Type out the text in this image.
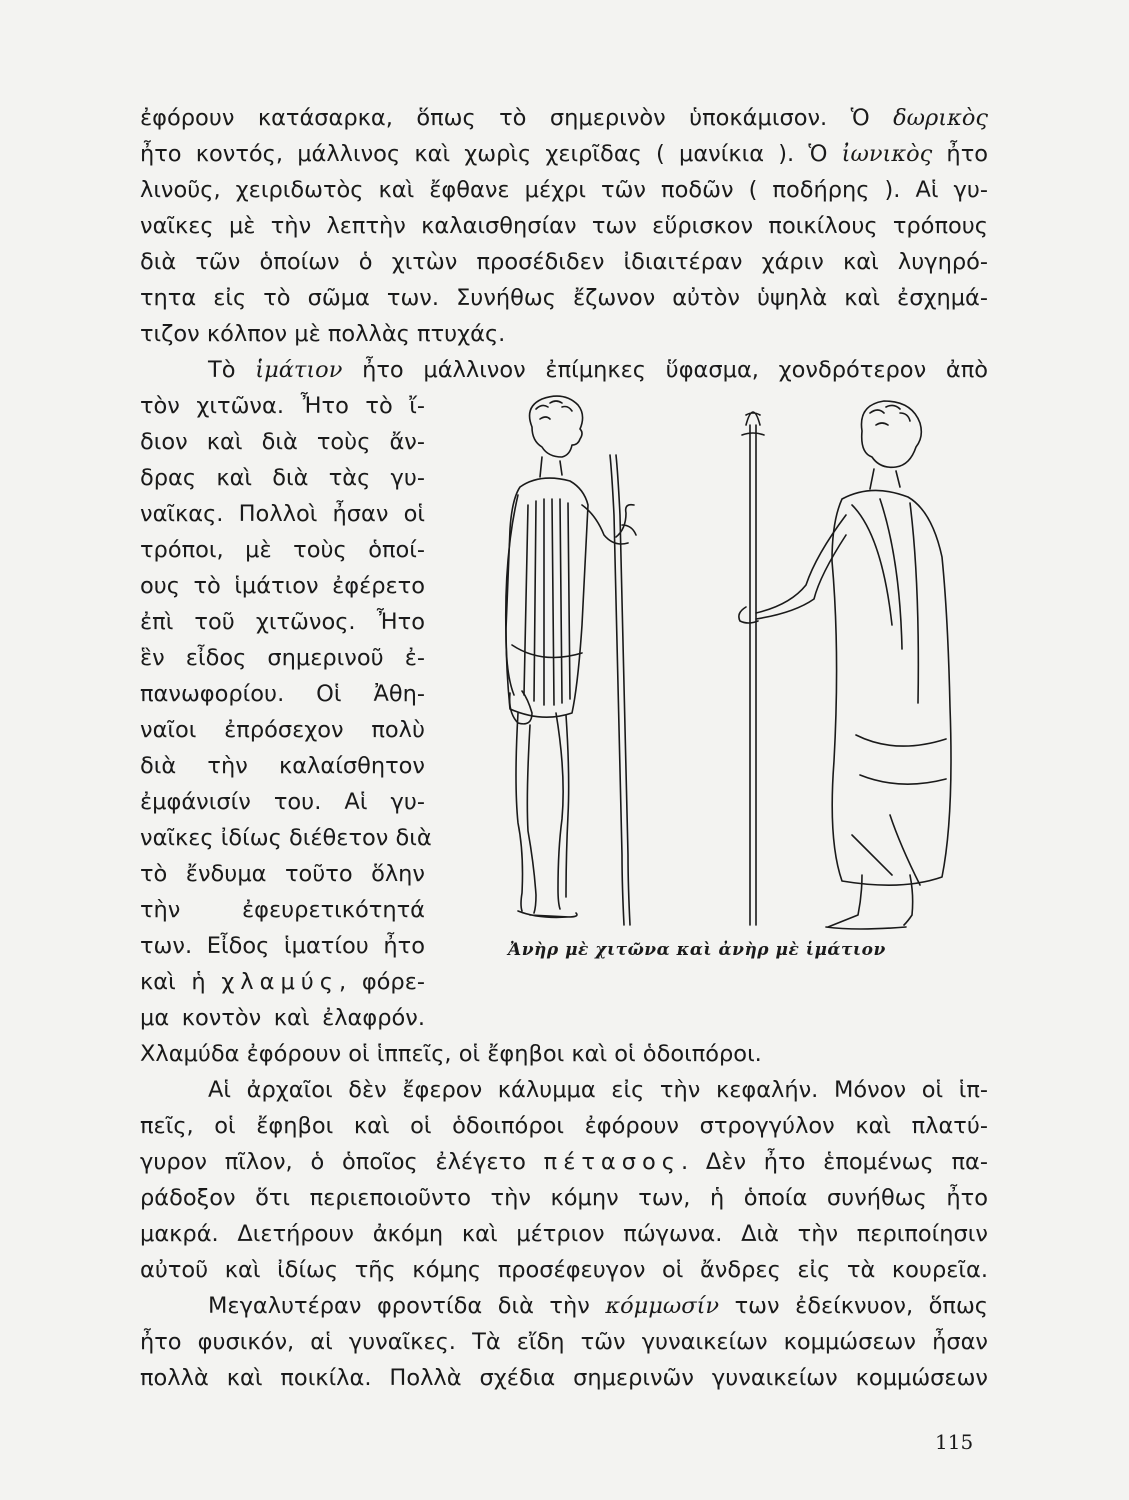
ἐφόρουν κατάσαρκα, ὅπως τὸ σημερινὸν ὑποκάμισον. Ὁ δωρικὸς
ἦτο κοντός, μάλλινος καὶ χωρὶς χειρῖδας ( μανίκια ). Ὁ ἰωνικὸς ἦτο
λινοῦς, χειριδωτὸς καὶ ἔφθανε μέχρι τῶν ποδῶν ( ποδήρης ). Αἱ γυ-
ναῖκες μὲ τὴν λεπτὴν καλαισθησίαν των εὕρισκον ποικίλους τρόπους
διὰ τῶν ὁποίων ὁ χιτὼν προσέδιδεν ἰδιαιτέραν χάριν καὶ λυγηρό-
τητα εἰς τὸ σῶμα των. Συνήθως ἔζωνον αὐτὸν ὑψηλὰ καὶ ἐσχημά-
τιζον κόλπον μὲ πολλὰς πτυχάς.
Τὸ ἱμάτιον ἦτο μάλλινον ἐπίμηκες ὕφασμα, χονδρότερον ἀπὸ
τὸν χιτῶνα. Ἦτο τὸ ἴ-
διον καὶ διὰ τοὺς ἄν-
δρας καὶ διὰ τὰς γυ-
ναῖκας. Πολλοὶ ἦσαν οἱ
τρόποι, μὲ τοὺς ὁποί-
ους τὸ ἱμάτιον ἐφέρετο
ἐπὶ τοῦ χιτῶνος. Ἦτο
ἓν εἶδος σημερινοῦ ἐ-
πανωφορίου. Οἱ Ἀθη-
ναῖοι ἐπρόσεχον πολὺ
διὰ τὴν καλαίσθητον
ἐμφάνισίν του. Αἱ γυ-
ναῖκες ἰδίως διέθετον διὰ
τὸ ἔνδυμα τοῦτο ὅλην
τὴν ἐφευρετικότητά
των. Εἶδος ἱματίου ἦτο
καὶ ἡ χλαμύς, φόρε-
μα κοντὸν καὶ ἐλαφρόν.
Χλαμύδα ἐφόρουν οἱ ἱππεῖς, οἱ ἔφηβοι καὶ οἱ ὁδοιπόροι.
Αἱ ἀρχαῖοι δὲν ἔφερον κάλυμμα εἰς τὴν κεφαλήν. Μόνον οἱ ἱπ-
πεῖς, οἱ ἔφηβοι καὶ οἱ ὁδοιπόροι ἐφόρουν στρογγύλον καὶ πλατύ-
γυρον πῖλον, ὁ ὁποῖος ἐλέγετο πέτασος. Δὲν ἦτο ἑπομένως πα-
ράδοξον ὅτι περιεποιοῦντο τὴν κόμην των, ἡ ὁποία συνήθως ἦτο
μακρά. Διετήρουν ἀκόμη καὶ μέτριον πώγωνα. Διὰ τὴν περιποίησιν
αὐτοῦ καὶ ἰδίως τῆς κόμης προσέφευγον οἱ ἄνδρες εἰς τὰ κουρεῖα.
Μεγαλυτέραν φροντίδα διὰ τὴν κόμμωσίν των ἐδείκνυον, ὅπως
ἦτο φυσικόν, αἱ γυναῖκες. Τὰ εἴδη τῶν γυναικείων κομμώσεων ἦσαν
πολλὰ καὶ ποικίλα. Πολλὰ σχέδια σημερινῶν γυναικείων κομμώσεων
Ἀνὴρ μὲ χιτῶνα καὶ ἀνὴρ μὲ ἱμάτιον
115
